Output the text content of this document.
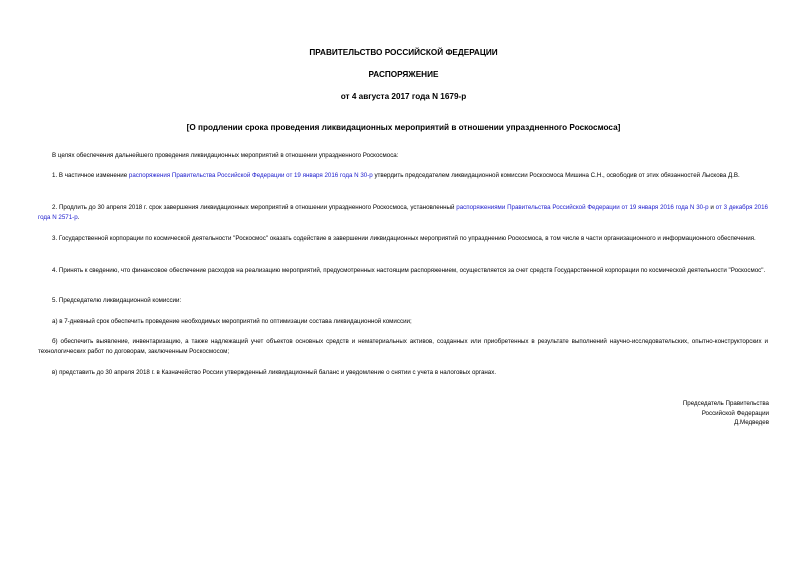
ПРАВИТЕЛЬСТВО РОССИЙСКОЙ ФЕДЕРАЦИИ
РАСПОРЯЖЕНИЕ
от 4 августа 2017 года N 1679-р
[О продлении срока проведения ликвидационных мероприятий в отношении упраздненного Роскосмоса]

В целях обеспечения дальнейшего проведения ликвидационных мероприятий в отношении упраздненного Роскосмоса:

1. В частичное изменение распоряжения Правительства Российской Федерации от 19 января 2016 года N 30-р утвердить председателем ликвидационной комиссии Роскосмоса Мишина С.Н., освободив от этих обязанностей Лыскова Д.В.

2. Продлить до 30 апреля 2018 г. срок завершения ликвидационных мероприятий в отношении упраздненного Роскосмоса, установленный распоряжениями Правительства Российской Федерации от 19 января 2016 года N 30-р и от 3 декабря 2016 года N 2571-р.

3. Государственной корпорации по космической деятельности "Роскосмос" оказать содействие в завершении ликвидационных мероприятий по упразднению Роскосмоса, в том числе в части организационного и информационного обеспечения.

4. Принять к сведению, что финансовое обеспечение расходов на реализацию мероприятий, предусмотренных настоящим распоряжением, осуществляется за счет средств Государственной корпорации по космической деятельности "Роскосмос".

5. Председателю ликвидационной комиссии:

а) в 7-дневный срок обеспечить проведение необходимых мероприятий по оптимизации состава ликвидационной комиссии;

б) обеспечить выявление, инвентаризацию, а также надлежащий учет объектов основных средств и нематериальных активов, созданных или приобретенных в результате выполнений научно-исследовательских, опытно-конструкторских и технологических работ по договорам, заключенным Роскосмосом;

в) представить до 30 апреля 2018 г. в Казначейство России утвержденный ликвидационный баланс и уведомление о снятии с учета в налоговых органах.

Председатель Правительства
Российской Федерации
Д.Медведев
